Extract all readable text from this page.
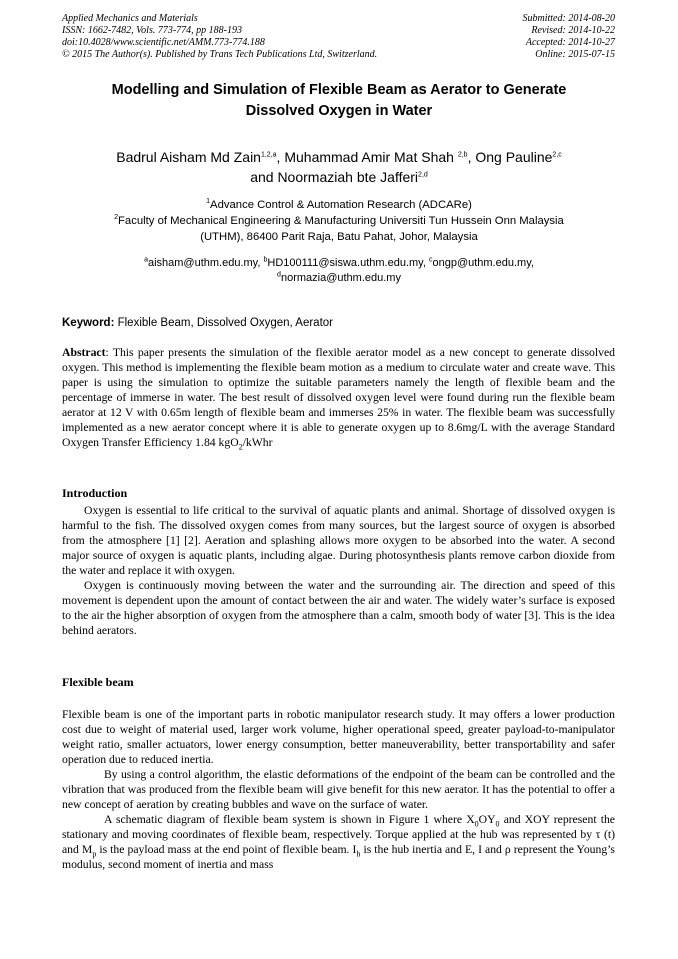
Applied Mechanics and Materials
ISSN: 1662-7482, Vols. 773-774, pp 188-193
doi:10.4028/www.scientific.net/AMM.773-774.188
© 2015 The Author(s). Published by Trans Tech Publications Ltd, Switzerland.
Submitted: 2014-08-20
Revised: 2014-10-22
Accepted: 2014-10-27
Online: 2015-07-15
Modelling and Simulation of Flexible Beam as Aerator to Generate Dissolved Oxygen in Water
Badrul Aisham Md Zain$^{1,2,a}$, Muhammad Amir Mat Shah $^{2,b}$, Ong Pauline$^{2,c}$
and Noormaziah bte Jafferi$^{2,d}$
$^1$Advance Control & Automation Research (ADCARe)
$^2$Faculty of Mechanical Engineering & Manufacturing Universiti Tun Hussein Onn Malaysia
(UTHM), 86400 Parit Raja, Batu Pahat, Johor, Malaysia
$^a$aisham@uthm.edu.my, $^b$HD100111@siswa.uthm.edu.my, $^c$ongp@uthm.edu.my,
$^d$normazia@uthm.edu.my
Keyword: Flexible Beam, Dissolved Oxygen, Aerator

Abstract: This paper presents the simulation of the flexible aerator model as a new concept to generate dissolved oxygen. This method is implementing the flexible beam motion as a medium to circulate water and create wave. This paper is using the simulation to optimize the suitable parameters namely the length of flexible beam and the percentage of immerse in water. The best result of dissolved oxygen level were found during run the flexible beam aerator at 12 V with 0.65m length of flexible beam and immerses 25% in water. The flexible beam was successfully implemented as a new aerator concept where it is able to generate oxygen up to 8.6mg/L with the average Standard Oxygen Transfer Efficiency 1.84 kgO$_2$/kWhr

Introduction

Oxygen is essential to life critical to the survival of aquatic plants and animal. Shortage of dissolved oxygen is harmful to the fish. The dissolved oxygen comes from many sources, but the largest source of oxygen is absorbed from the atmosphere [1] [2]. Aeration and splashing allows more oxygen to be absorbed into the water. A second major source of oxygen is aquatic plants, including algae. During photosynthesis plants remove carbon dioxide from the water and replace it with oxygen.

Oxygen is continuously moving between the water and the surrounding air. The direction and speed of this movement is dependent upon the amount of contact between the air and water. The widely water’s surface is exposed to the air the higher absorption of oxygen from the atmosphere than a calm, smooth body of water [3]. This is the idea behind aerators.

Flexible beam

Flexible beam is one of the important parts in robotic manipulator research study. It may offers a lower production cost due to weight of material used, larger work volume, higher operational speed, greater payload-to-manipulator weight ratio, smaller actuators, lower energy consumption, better maneuverability, better transportability and safer operation due to reduced inertia.

By using a control algorithm, the elastic deformations of the endpoint of the beam can be controlled and the vibration that was produced from the flexible beam will give benefit for this new aerator. It has the potential to offer a new concept of aeration by creating bubbles and wave on the surface of water.

A schematic diagram of flexible beam system is shown in Figure 1 where $X_0OY_0$ and XOY represent the stationary and moving coordinates of flexible beam, respectively. Torque applied at the hub was represented by τ (t) and $M_p$ is the payload mass at the end point of flexible beam. $I_h$ is the hub inertia and E, I and ρ represent the Young’s modulus, second moment of inertia and mass
